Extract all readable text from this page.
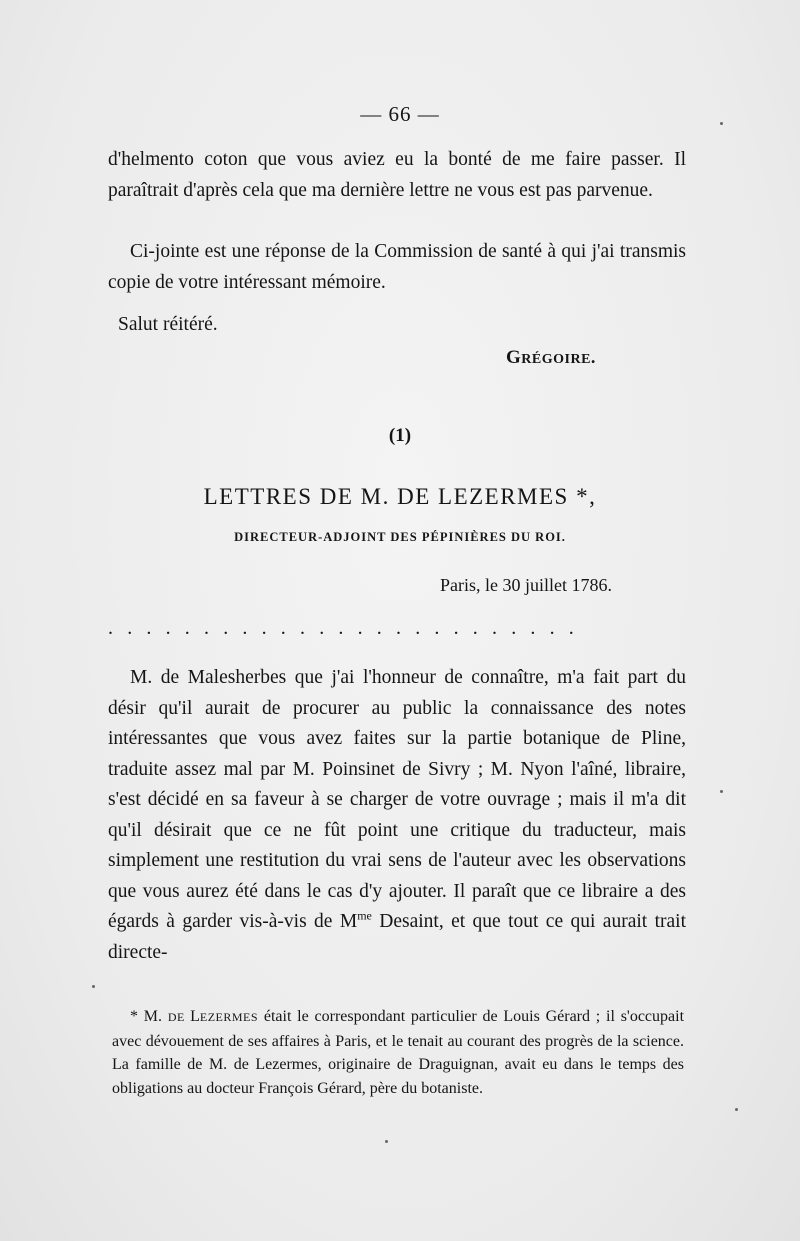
— 66 —

d'helmento coton que vous aviez eu la bonté de me faire passer. Il paraîtrait d'après cela que ma dernière lettre ne vous est pas parvenue.

Ci-jointe est une réponse de la Commission de santé à qui j'ai transmis copie de votre intéressant mémoire.

Salut réitéré.
GRÉGOIRE.
(1)
LETTRES DE M. DE LEZERMES *,
DIRECTEUR-ADJOINT DES PÉPINIÈRES DU ROI.
Paris, le 30 juillet 1786.
.........................

M. de Malesherbes que j'ai l'honneur de connaître, m'a fait part du désir qu'il aurait de procurer au public la connaissance des notes intéressantes que vous avez faites sur la partie botanique de Pline, traduite assez mal par M. Poinsinet de Sivry ; M. Nyon l'aîné, libraire, s'est décidé en sa faveur à se charger de votre ouvrage ; mais il m'a dit qu'il désirait que ce ne fût point une critique du traducteur, mais simplement une restitution du vrai sens de l'auteur avec les observations que vous aurez été dans le cas d'y ajouter. Il paraît que ce libraire a des égards à garder vis-à-vis de $M^{me}$ Desaint, et que tout ce qui aurait trait directe-

* M. DE LEZERMES était le correspondant particulier de Louis Gérard ; il s'occupait avec dévouement de ses affaires à Paris, et le tenait au courant des progrès de la science. La famille de M. de Lezermes, originaire de Draguignan, avait eu dans le temps des obligations au docteur François Gérard, père du botaniste.
